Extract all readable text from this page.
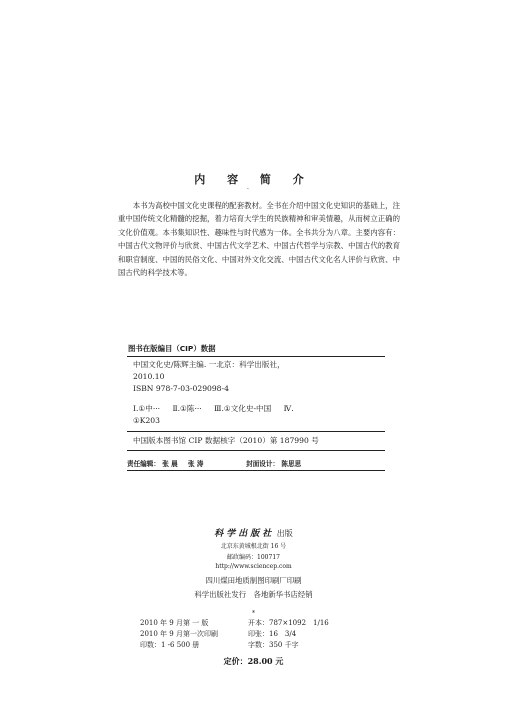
内 容 简 介
·

本书为高校中国文化史课程的配套教材。全书在介绍中国文化史知识的基础上，注重中国传统文化精髓的挖掘，着力培育大学生的民族精神和审美情趣，从而树立正确的文化价值观。本书集知识性、趣味性与时代感为一体。全书共分为八章。主要内容有：中国古代文物评价与欣赏、中国古代文学艺术、中国古代哲学与宗教、中国古代的教育和职官制度、中国的民俗文化、中国对外文化交流、中国古代文化名人评价与欣赏、中国古代的科学技术等。

图书在版编目（CIP）数据
中国文化史/陈辉主编. 一北京：科学出版社，
2010.10
ISBN 978-7-03-029098-4
Ⅰ.①中··· Ⅱ.①陈··· Ⅲ.①文化史-中国 Ⅳ.
①K203
中国版本图书馆 CIP 数据核字（2010）第 187990 号
责任编辑： 张 晨 张 涛	封面设计： 陈思思
科学出版社 出版
北京东黄城根北街 16 号
邮政编码：100717
http://www.sciencep.com
四川煤田地质制图印刷厂印刷
科学出版社发行　各地新华书店经销
*
2010 年 9 月第 一 版	开本：787×1092　1/16
2010 年 9 月第一次印刷	印张：16　3/4
印数：1 -6 500 册	字数：350 千字
定价：28.00 元
